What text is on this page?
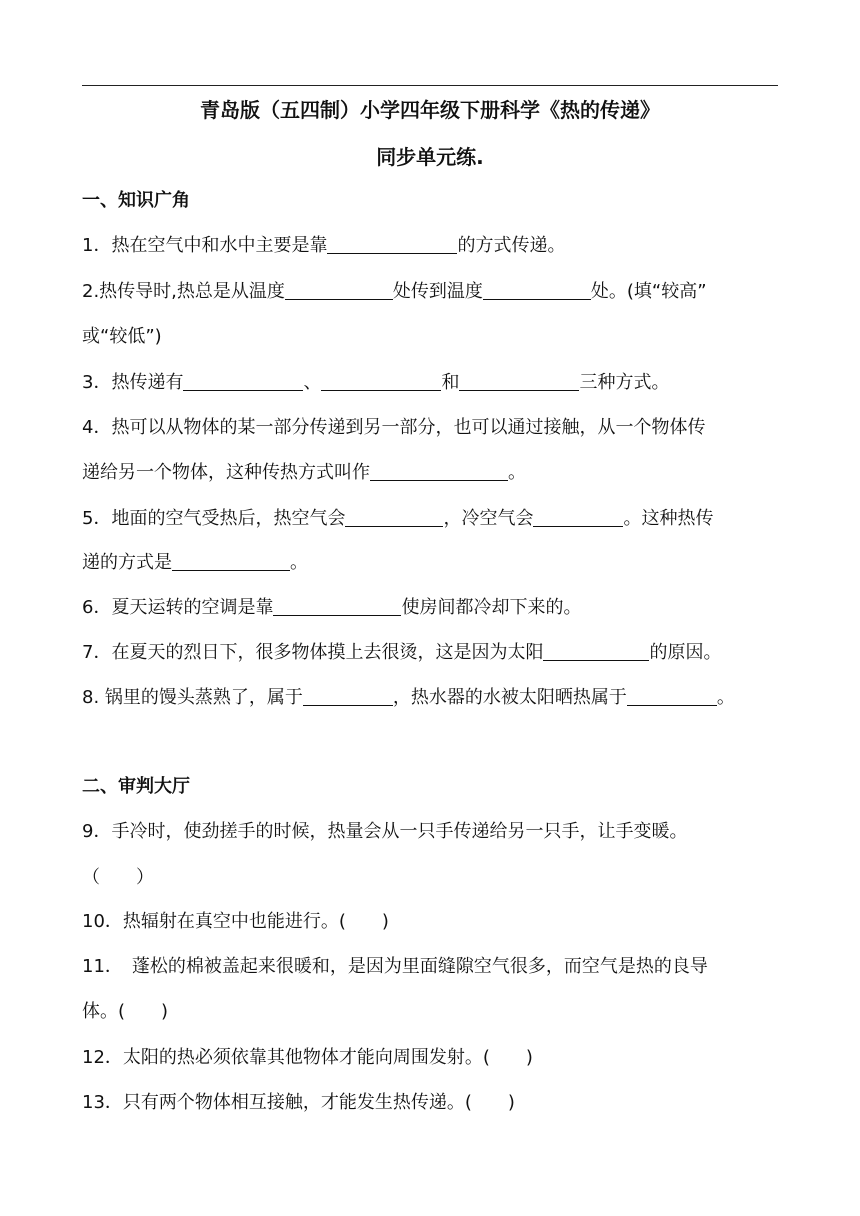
青岛版（五四制）小学四年级下册科学《热的传递》
同步单元练.
一、知识广角
1．热在空气中和水中主要是靠	的方式传递。
2.热传导时,热总是从温度	处传到温度	处。(填“较高”
或“较低”)
3．热传递有	、	和	三种方式。
4．热可以从物体的某一部分传递到另一部分，也可以通过接触，从一个物体传
递给另一个物体，这种传热方式叫作	。
5．地面的空气受热后，热空气会	，冷空气会	。这种热传
递的方式是	。
6．夏天运转的空调是靠	使房间都冷却下来的。
7．在夏天的烈日下，很多物体摸上去很烫，这是因为太阳	的原因。
8. 锅里的馒头蒸熟了，属于	，热水器的水被太阳晒热属于	。
二、审判大厅
9．手冷时，使劲搓手的时候，热量会从一只手传递给另一只手，让手变暖。
（　　）
10．热辐射在真空中也能进行。(　　)
11．　蓬松的棉被盖起来很暖和，是因为里面缝隙空气很多，而空气是热的良导
体。(　　)
12．太阳的热必须依靠其他物体才能向周围发射。(　　)
13．只有两个物体相互接触，才能发生热传递。(　　)
